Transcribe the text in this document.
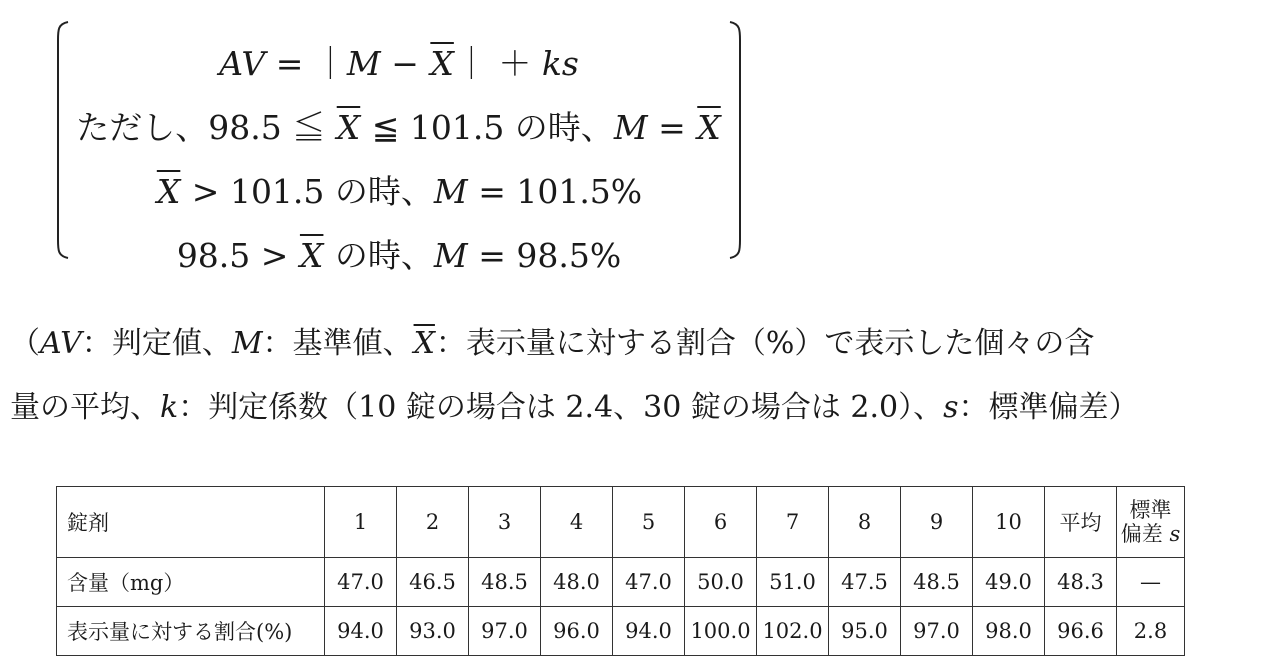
AV = ｜M − $\overline{X}|$ ＋ ks
ただし、98.5 ≦ $\overline{X}$ ≦ 101.5 の時、$M = \overline{X}$
$\overline{X} > 101.5$ の時、M = 101.5%
$98.5 > \overline{X}$ の時、M = 98.5%
（AV：判定値、M：基準値、$\overline{X}$：表示量に対する割合（%）で表示した個々の含
量の平均、k：判定係数（10 錠の場合は 2.4、30 錠の場合は 2.0）、s：標準偏差）
錠剤	1	2	3	4	5	6	7	8	9	10	平均	標準
偏差 s

含量（mg）	47.0	46.5	48.5	48.0	47.0	50.0	51.0	47.5	48.5	49.0	48.3	—
表示量に対する割合(%)	94.0	93.0	97.0	96.0	94.0	100.0	102.0	95.0	97.0	98.0	96.6	2.8
